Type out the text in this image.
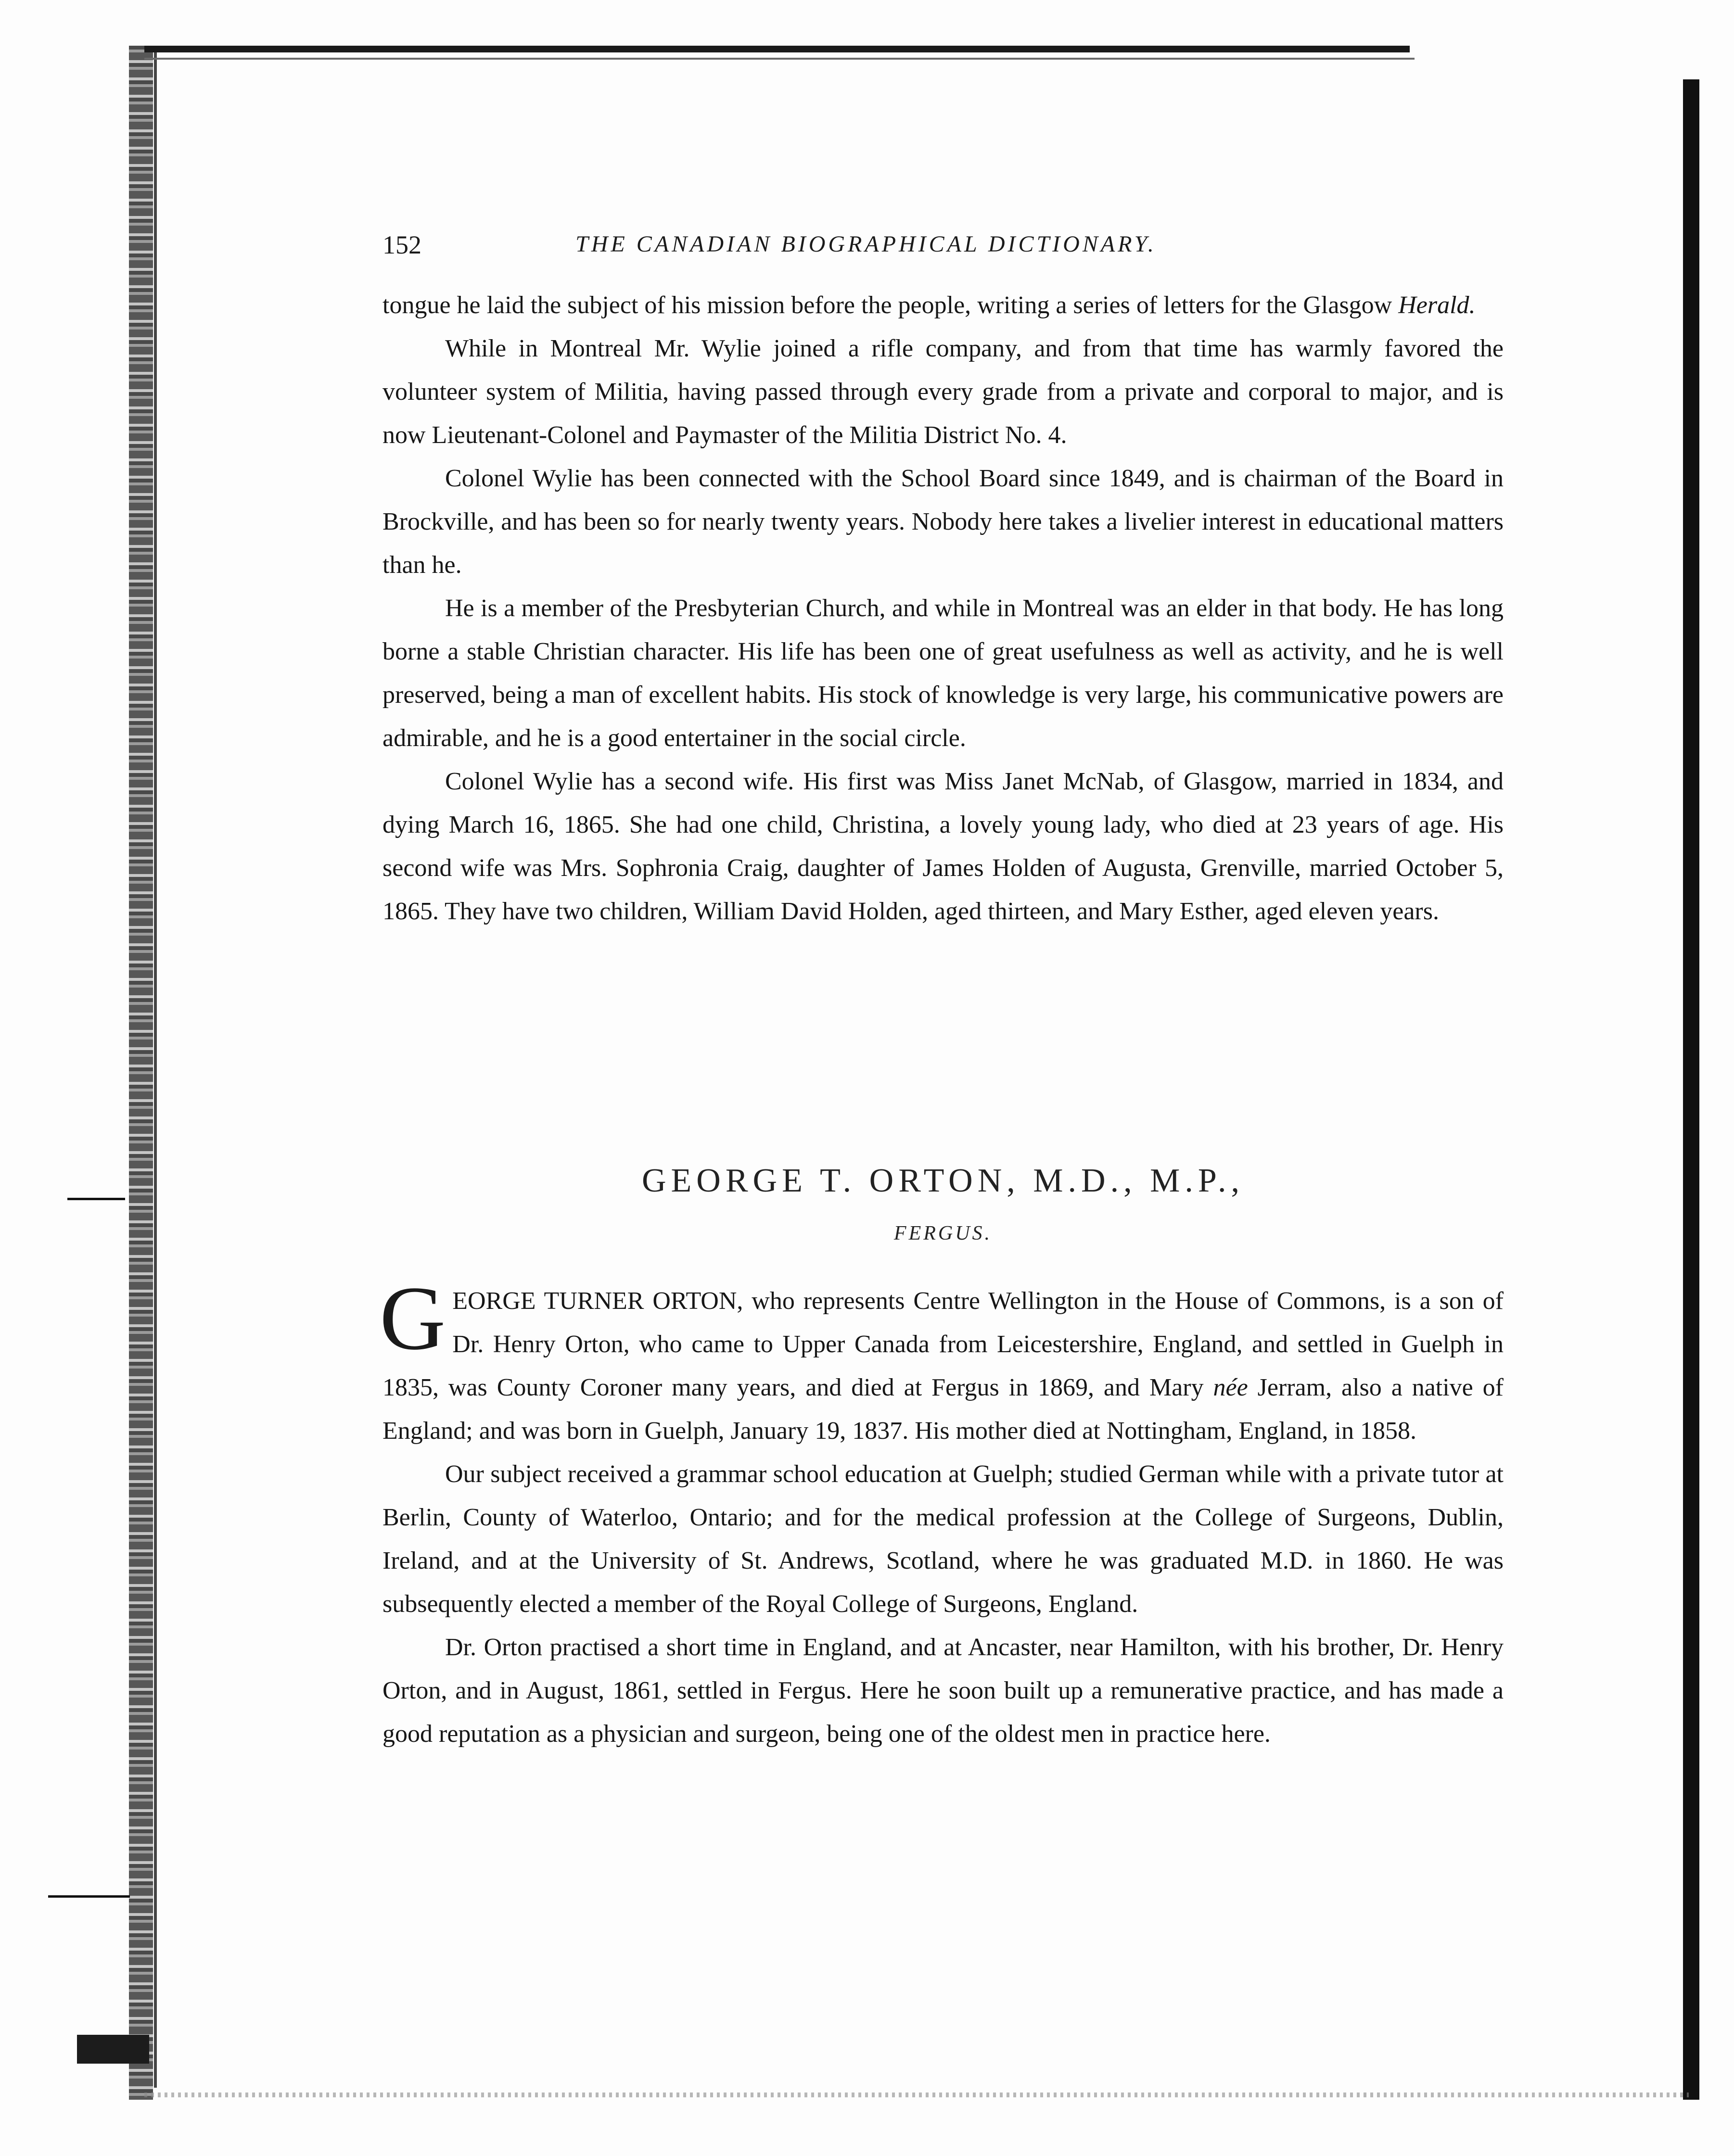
152	THE CANADIAN BIOGRAPHICAL DICTIONARY.

tongue he laid the subject of his mission before the people, writing a series of letters for the Glasgow Herald.

While in Montreal Mr. Wylie joined a rifle company, and from that time has warmly favored the volunteer system of Militia, having passed through every grade from a private and corporal to major, and is now Lieutenant-Colonel and Paymaster of the Militia District No. 4.

Colonel Wylie has been connected with the School Board since 1849, and is chairman of the Board in Brockville, and has been so for nearly twenty years. Nobody here takes a livelier interest in educational matters than he.

He is a member of the Presbyterian Church, and while in Montreal was an elder in that body. He has long borne a stable Christian character. His life has been one of great usefulness as well as activity, and he is well preserved, being a man of excellent habits. His stock of knowledge is very large, his communicative powers are admirable, and he is a good entertainer in the social circle.

Colonel Wylie has a second wife. His first was Miss Janet McNab, of Glasgow, married in 1834, and dying March 16, 1865. She had one child, Christina, a lovely young lady, who died at 23 years of age. His second wife was Mrs. Sophronia Craig, daughter of James Holden of Augusta, Grenville, married October 5, 1865. They have two children, William David Holden, aged thirteen, and Mary Esther, aged eleven years.

GEORGE T. ORTON, M.D., M.P.,
FERGUS.

GEORGE TURNER ORTON, who represents Centre Wellington in the House of Commons, is a son of Dr. Henry Orton, who came to Upper Canada from Leicestershire, England, and settled in Guelph in 1835, was County Coroner many years, and died at Fergus in 1869, and Mary née Jerram, also a native of England; and was born in Guelph, January 19, 1837. His mother died at Nottingham, England, in 1858.

Our subject received a grammar school education at Guelph; studied German while with a private tutor at Berlin, County of Waterloo, Ontario; and for the medical profession at the College of Surgeons, Dublin, Ireland, and at the University of St. Andrews, Scotland, where he was graduated M.D. in 1860. He was subsequently elected a member of the Royal College of Surgeons, England.

Dr. Orton practised a short time in England, and at Ancaster, near Hamilton, with his brother, Dr. Henry Orton, and in August, 1861, settled in Fergus. Here he soon built up a remunerative practice, and has made a good reputation as a physician and surgeon, being one of the oldest men in practice here.
